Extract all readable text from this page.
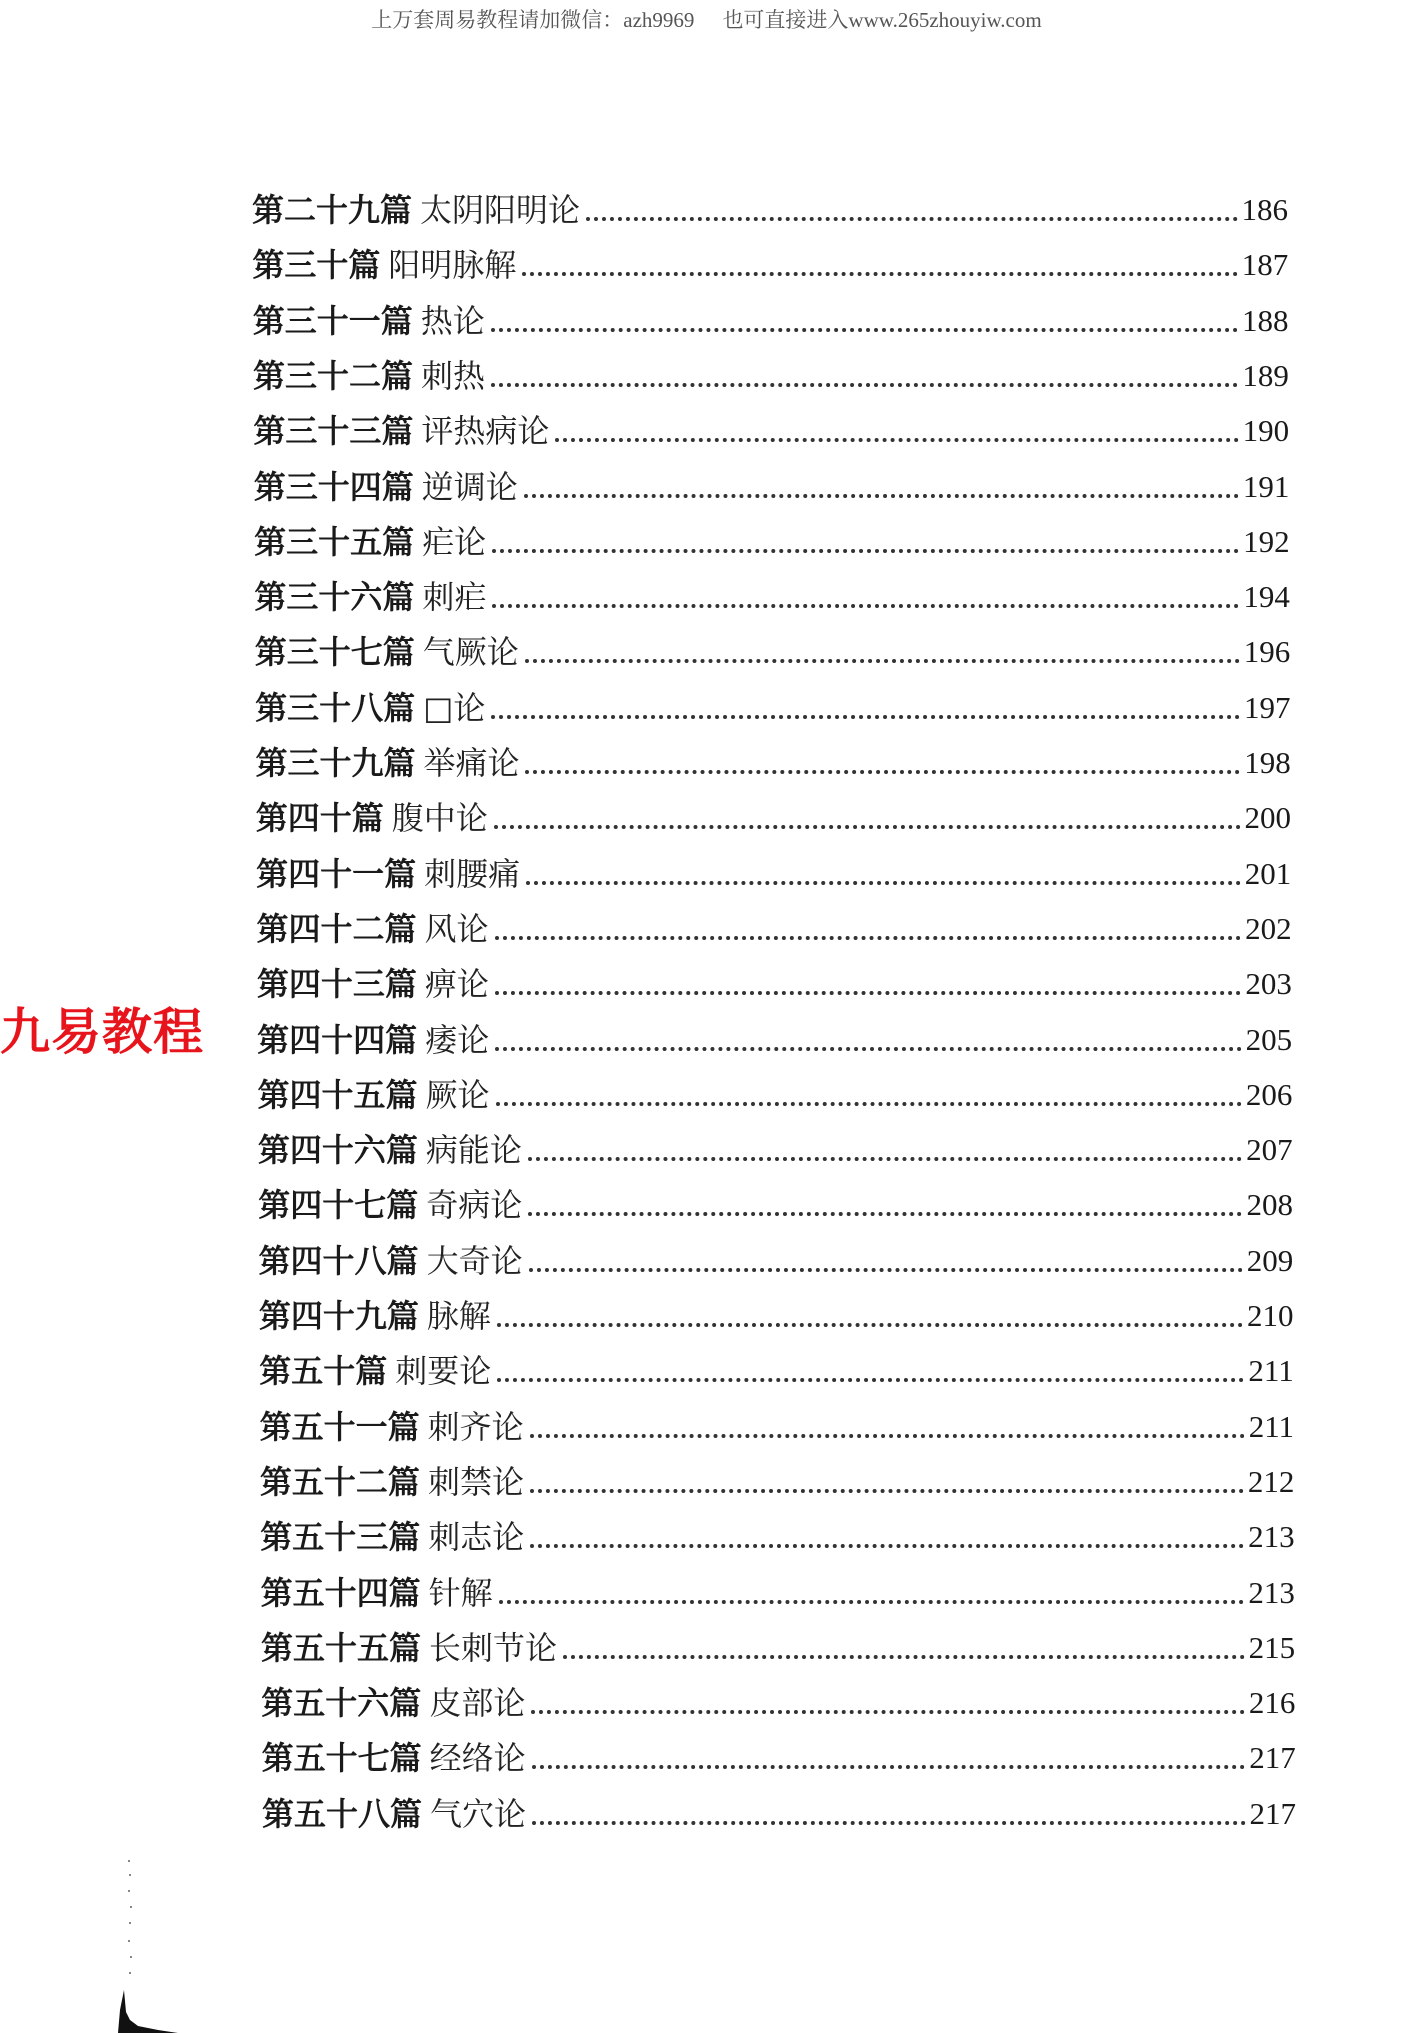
上万套周易教程请加微信：azh9969 也可直接进入www.265zhouyiw.com
九易教程
第二十九篇 太阴阳明论	186
第三十篇 阳明脉解	187
第三十一篇 热论	188
第三十二篇 刺热	189
第三十三篇 评热病论	190
第三十四篇 逆调论	191
第三十五篇 疟论	192
第三十六篇 刺疟	194
第三十七篇 气厥论	196
第三十八篇 □论	197
第三十九篇 举痛论	198
第四十篇 腹中论	200
第四十一篇 刺腰痛	201
第四十二篇 风论	202
第四十三篇 痹论	203
第四十四篇 痿论	205
第四十五篇 厥论	206
第四十六篇 病能论	207
第四十七篇 奇病论	208
第四十八篇 大奇论	209
第四十九篇 脉解	210
第五十篇 刺要论	211
第五十一篇 刺齐论	211
第五十二篇 刺禁论	212
第五十三篇 刺志论	213
第五十四篇 针解	213
第五十五篇 长刺节论	215
第五十六篇 皮部论	216
第五十七篇 经络论	217
第五十八篇 气穴论	217
